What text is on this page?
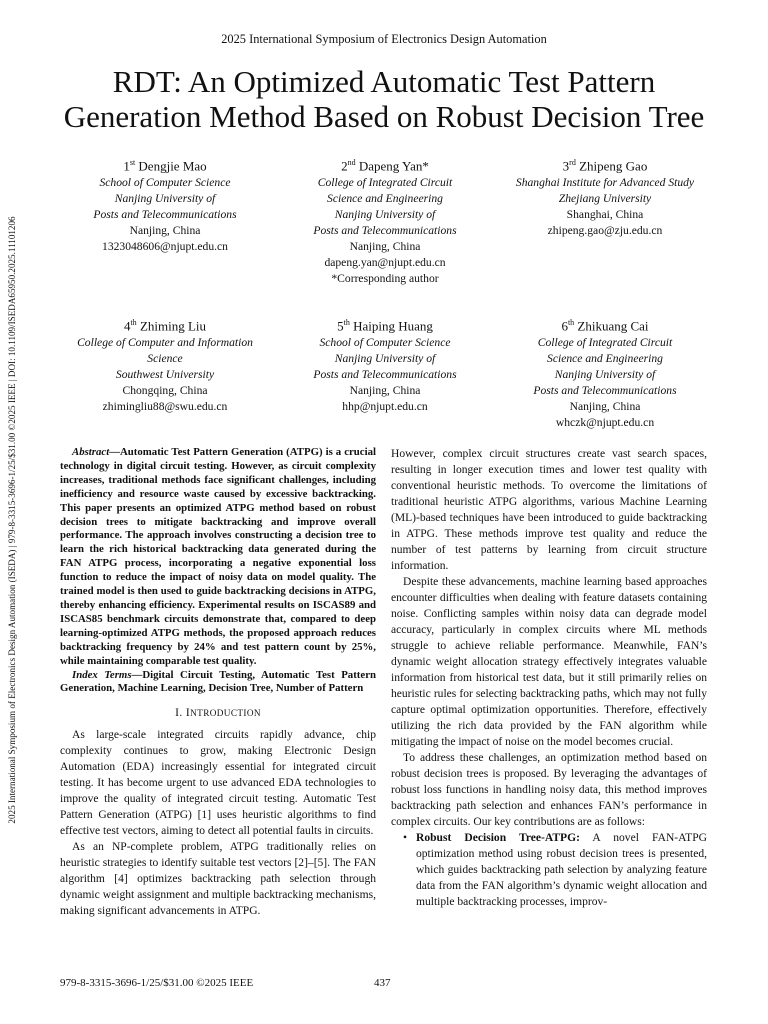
2025 International Symposium of Electronics Design Automation
RDT: An Optimized Automatic Test Pattern
Generation Method Based on Robust Decision Tree
2025 International Symposium of Electronics Design Automation (ISEDA) | 979-8-3315-3696-1/25/$31.00 ©2025 IEEE | DOI: 10.1109/ISEDA65950.2025.11101206
1st Dengjie Mao
School of Computer Science
Nanjing University of
Posts and Telecommunications
Nanjing, China
1323048606@njupt.edu.cn
2nd Dapeng Yan*
College of Integrated Circuit
Science and Engineering
Nanjing University of
Posts and Telecommunications
Nanjing, China
dapeng.yan@njupt.edu.cn
*Corresponding author
3rd Zhipeng Gao
Shanghai Institute for Advanced Study
Zhejiang University
Shanghai, China
zhipeng.gao@zju.edu.cn
4th Zhiming Liu
College of Computer and Information
Science
Southwest University
Chongqing, China
zhimingliu88@swu.edu.cn
5th Haiping Huang
School of Computer Science
Nanjing University of
Posts and Telecommunications
Nanjing, China
hhp@njupt.edu.cn
6th Zhikuang Cai
College of Integrated Circuit
Science and Engineering
Nanjing University of
Posts and Telecommunications
Nanjing, China
whczk@njupt.edu.cn

Abstract—Automatic Test Pattern Generation (ATPG) is a crucial technology in digital circuit testing. However, as circuit complexity increases, traditional methods face significant challenges, including inefficiency and resource waste caused by excessive backtracking. This paper presents an optimized ATPG method based on robust decision trees to mitigate backtracking and improve overall performance. The approach involves constructing a decision tree to learn the rich historical backtracking data generated during the FAN ATPG process, incorporating a negative exponential loss function to reduce the impact of noisy data on model quality. The trained model is then used to guide backtracking decisions in ATPG, thereby enhancing efficiency. Experimental results on ISCAS89 and ISCAS85 benchmark circuits demonstrate that, compared to deep learning-optimized ATPG methods, the proposed approach reduces backtracking frequency by 24% and test pattern count by 25%, while maintaining comparable test quality.

Index Terms—Digital Circuit Testing, Automatic Test Pattern Generation, Machine Learning, Decision Tree, Number of Pattern

I. INTRODUCTION

As large-scale integrated circuits rapidly advance, chip complexity continues to grow, making Electronic Design Automation (EDA) increasingly essential for integrated circuit testing. It has become urgent to use advanced EDA technologies to improve the quality of integrated circuit testing. Automatic Test Pattern Generation (ATPG) [1] uses heuristic algorithms to find effective test vectors, aiming to detect all potential faults in circuits.

As an NP-complete problem, ATPG traditionally relies on heuristic strategies to identify suitable test vectors [2]–[5]. The FAN algorithm [4] optimizes backtracking path selection through dynamic weight assignment and multiple backtracking mechanisms, making significant advancements in ATPG.

However, complex circuit structures create vast search spaces, resulting in longer execution times and lower test quality with conventional heuristic methods. To overcome the limitations of traditional heuristic ATPG algorithms, various Machine Learning (ML)-based techniques have been introduced to guide backtracking in ATPG. These methods improve test quality and reduce the number of test patterns by learning from circuit structure information.

Despite these advancements, machine learning based approaches encounter difficulties when dealing with feature datasets containing noise. Conflicting samples within noisy data can degrade model accuracy, particularly in complex circuits where ML methods struggle to achieve reliable performance. Meanwhile, FAN’s dynamic weight allocation strategy effectively integrates valuable information from historical test data, but it still primarily relies on heuristic rules for selecting backtracking paths, which may not fully capture optimal optimization opportunities. Therefore, effectively utilizing the rich data provided by the FAN algorithm while mitigating the impact of noise on the model becomes crucial.

To address these challenges, an optimization method based on robust decision trees is proposed. By leveraging the advantages of robust loss functions in handling noisy data, this method improves backtracking path selection and enhances FAN’s performance in complex circuits. Our key contributions are as follows:

• Robust Decision Tree-ATPG: A novel FAN-ATPG optimization method using robust decision trees is presented, which guides backtracking path selection by analyzing feature data from the FAN algorithm’s dynamic weight allocation and multiple backtracking processes, improv-

979-8-3315-3696-1/25/$31.00 ©2025 IEEE	437
